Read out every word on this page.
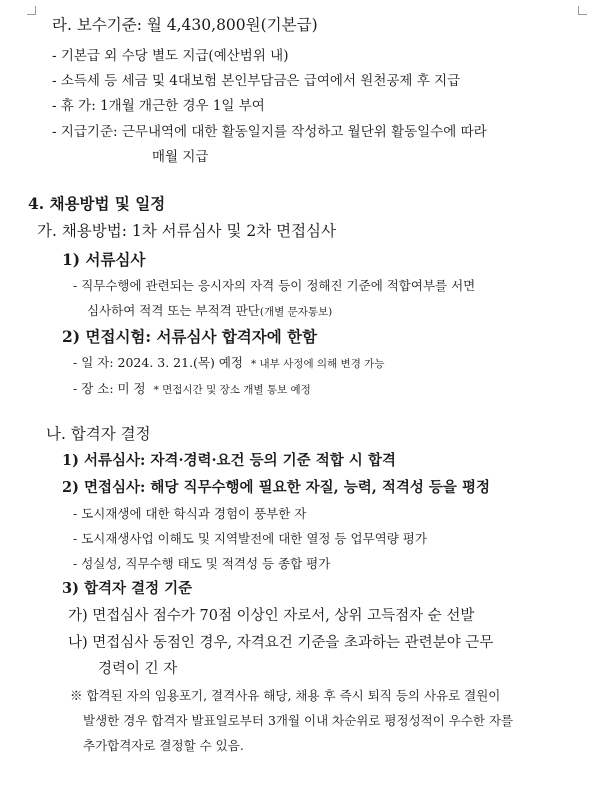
라. 보수기준: 월 4,430,800원(기본급)
- 기본급 외 수당 별도 지급(예산범위 내)
- 소득세 등 세금 및 4대보험 본인부담금은 급여에서 원천공제 후 지급
- 휴 가: 1개월 개근한 경우 1일 부여
- 지급기준: 근무내역에 대한 활동일지를 작성하고 월단위 활동일수에 따라
매월 지급
4. 채용방법 및 일정
가. 채용방법: 1차 서류심사 및 2차 면접심사
1) 서류심사
- 직무수행에 관련되는 응시자의 자격 등이 정해진 기준에 적합여부를 서면
심사하여 적격 또는 부적격 판단(개별 문자통보)
2) 면접시험: 서류심사 합격자에 한함
- 일 자: 2024. 3. 21.(목) 예정 * 내부 사정에 의해 변경 가능
- 장 소: 미 정 * 면접시간 및 장소 개별 통보 예정
나. 합격자 결정
1) 서류심사: 자격·경력·요건 등의 기준 적합 시 합격
2) 면접심사: 해당 직무수행에 필요한 자질, 능력, 적격성 등을 평정
- 도시재생에 대한 학식과 경험이 풍부한 자
- 도시재생사업 이해도 및 지역발전에 대한 열정 등 업무역량 평가
- 성실성, 직무수행 태도 및 적격성 등 종합 평가
3) 합격자 결정 기준
가) 면접심사 점수가 70점 이상인 자로서, 상위 고득점자 순 선발
나) 면접심사 동점인 경우, 자격요건 기준을 초과하는 관련분야 근무
경력이 긴 자
※ 합격된 자의 임용포기, 결격사유 해당, 채용 후 즉시 퇴직 등의 사유로 결원이
발생한 경우 합격자 발표일로부터 3개월 이내 차순위로 평정성적이 우수한 자를
추가합격자로 결정할 수 있음.
